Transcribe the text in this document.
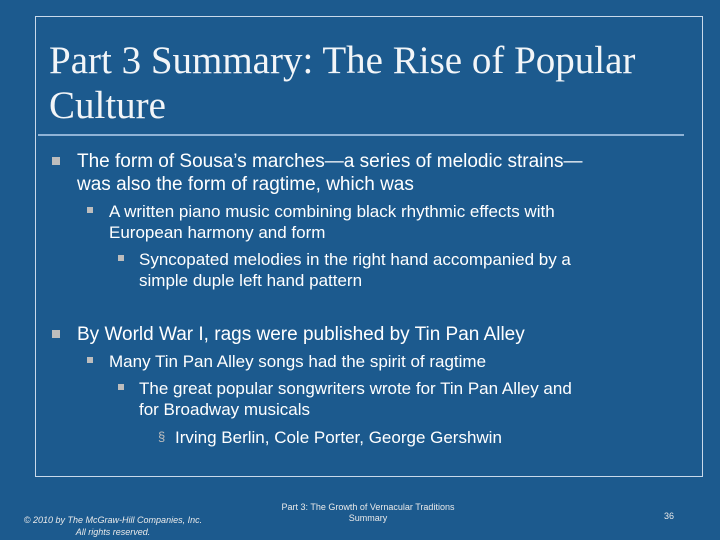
Part 3 Summary: The Rise of Popular Culture
The form of Sousa’s marches—a series of melodic strains—
was also the form of ragtime, which was
A written piano music combining black rhythmic effects with
European harmony and form
Syncopated melodies in the right hand accompanied by a
simple duple left hand pattern
By World War I, rags were published by Tin Pan Alley
Many Tin Pan Alley songs had the spirit of ragtime
The great popular songwriters wrote for Tin Pan Alley and
for Broadway musicals
§ Irving Berlin, Cole Porter, George Gershwin
© 2010 by The McGraw-Hill Companies, Inc.
All rights reserved.
Part 3: The Growth of Vernacular Traditions
Summary	36
